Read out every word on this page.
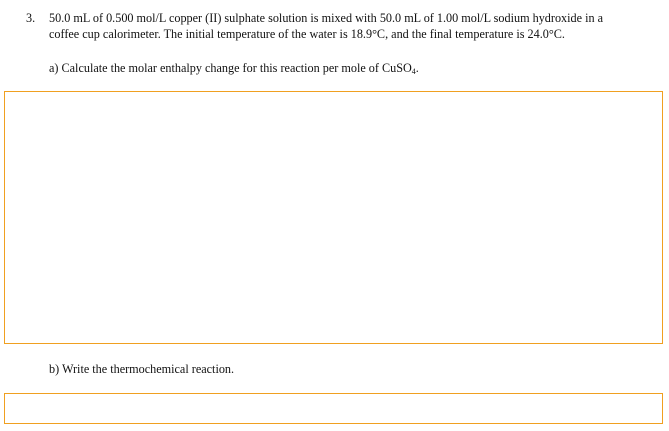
3. 50.0 mL of 0.500 mol/L copper (II) sulphate solution is mixed with 50.0 mL of 1.00 mol/L sodium hydroxide in a
coffee cup calorimeter. The initial temperature of the water is 18.9°C, and the final temperature is 24.0°C.
a) Calculate the molar enthalpy change for this reaction per mole of CuSO$_4$.
b) Write the thermochemical reaction.
